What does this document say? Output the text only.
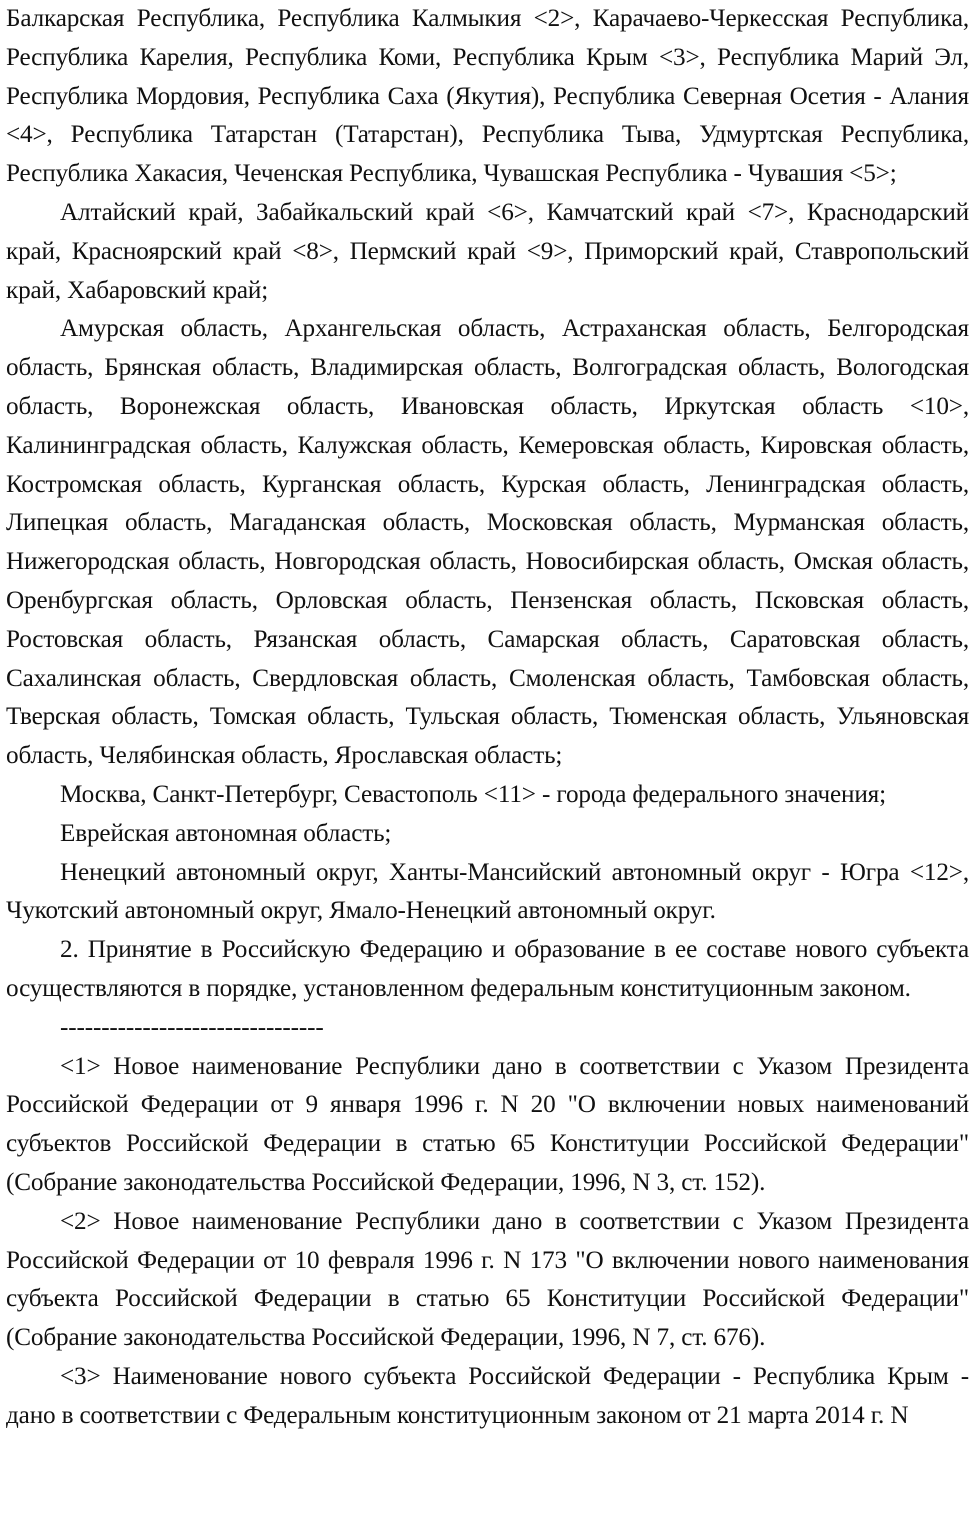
Балкарская Республика, Республика Калмыкия <2>, Карачаево-Черкесская Республика, Республика Карелия, Республика Коми, Республика Крым <3>, Республика Марий Эл, Республика Мордовия, Республика Саха (Якутия), Республика Северная Осетия - Алания <4>, Республика Татарстан (Татарстан), Республика Тыва, Удмуртская Республика, Республика Хакасия, Чеченская Республика, Чувашская Республика - Чувашия <5>;

Алтайский край, Забайкальский край <6>, Камчатский край <7>, Краснодарский край, Красноярский край <8>, Пермский край <9>, Приморский край, Ставропольский край, Хабаровский край;

Амурская область, Архангельская область, Астраханская область, Белгородская область, Брянская область, Владимирская область, Волгоградская область, Вологодская область, Воронежская область, Ивановская область, Иркутская область <10>, Калининградская область, Калужская область, Кемеровская область, Кировская область, Костромская область, Курганская область, Курская область, Ленинградская область, Липецкая область, Магаданская область, Московская область, Мурманская область, Нижегородская область, Новгородская область, Новосибирская область, Омская область, Оренбургская область, Орловская область, Пензенская область, Псковская область, Ростовская область, Рязанская область, Самарская область, Саратовская область, Сахалинская область, Свердловская область, Смоленская область, Тамбовская область, Тверская область, Томская область, Тульская область, Тюменская область, Ульяновская область, Челябинская область, Ярославская область;

Москва, Санкт-Петербург, Севастополь <11> - города федерального значения;

Еврейская автономная область;

Ненецкий автономный округ, Ханты-Мансийский автономный округ - Югра <12>, Чукотский автономный округ, Ямало-Ненецкий автономный округ.

2. Принятие в Российскую Федерацию и образование в ее составе нового субъекта осуществляются в порядке, установленном федеральным конституционным законом.

--------------------------------

<1> Новое наименование Республики дано в соответствии с Указом Президента Российской Федерации от 9 января 1996 г. N 20 "О включении новых наименований субъектов Российской Федерации в статью 65 Конституции Российской Федерации" (Собрание законодательства Российской Федерации, 1996, N 3, ст. 152).

<2> Новое наименование Республики дано в соответствии с Указом Президента Российской Федерации от 10 февраля 1996 г. N 173 "О включении нового наименования субъекта Российской Федерации в статью 65 Конституции Российской Федерации" (Собрание законодательства Российской Федерации, 1996, N 7, ст. 676).

<3> Наименование нового субъекта Российской Федерации - Республика Крым - дано в соответствии с Федеральным конституционным законом от 21 марта 2014 г. N
